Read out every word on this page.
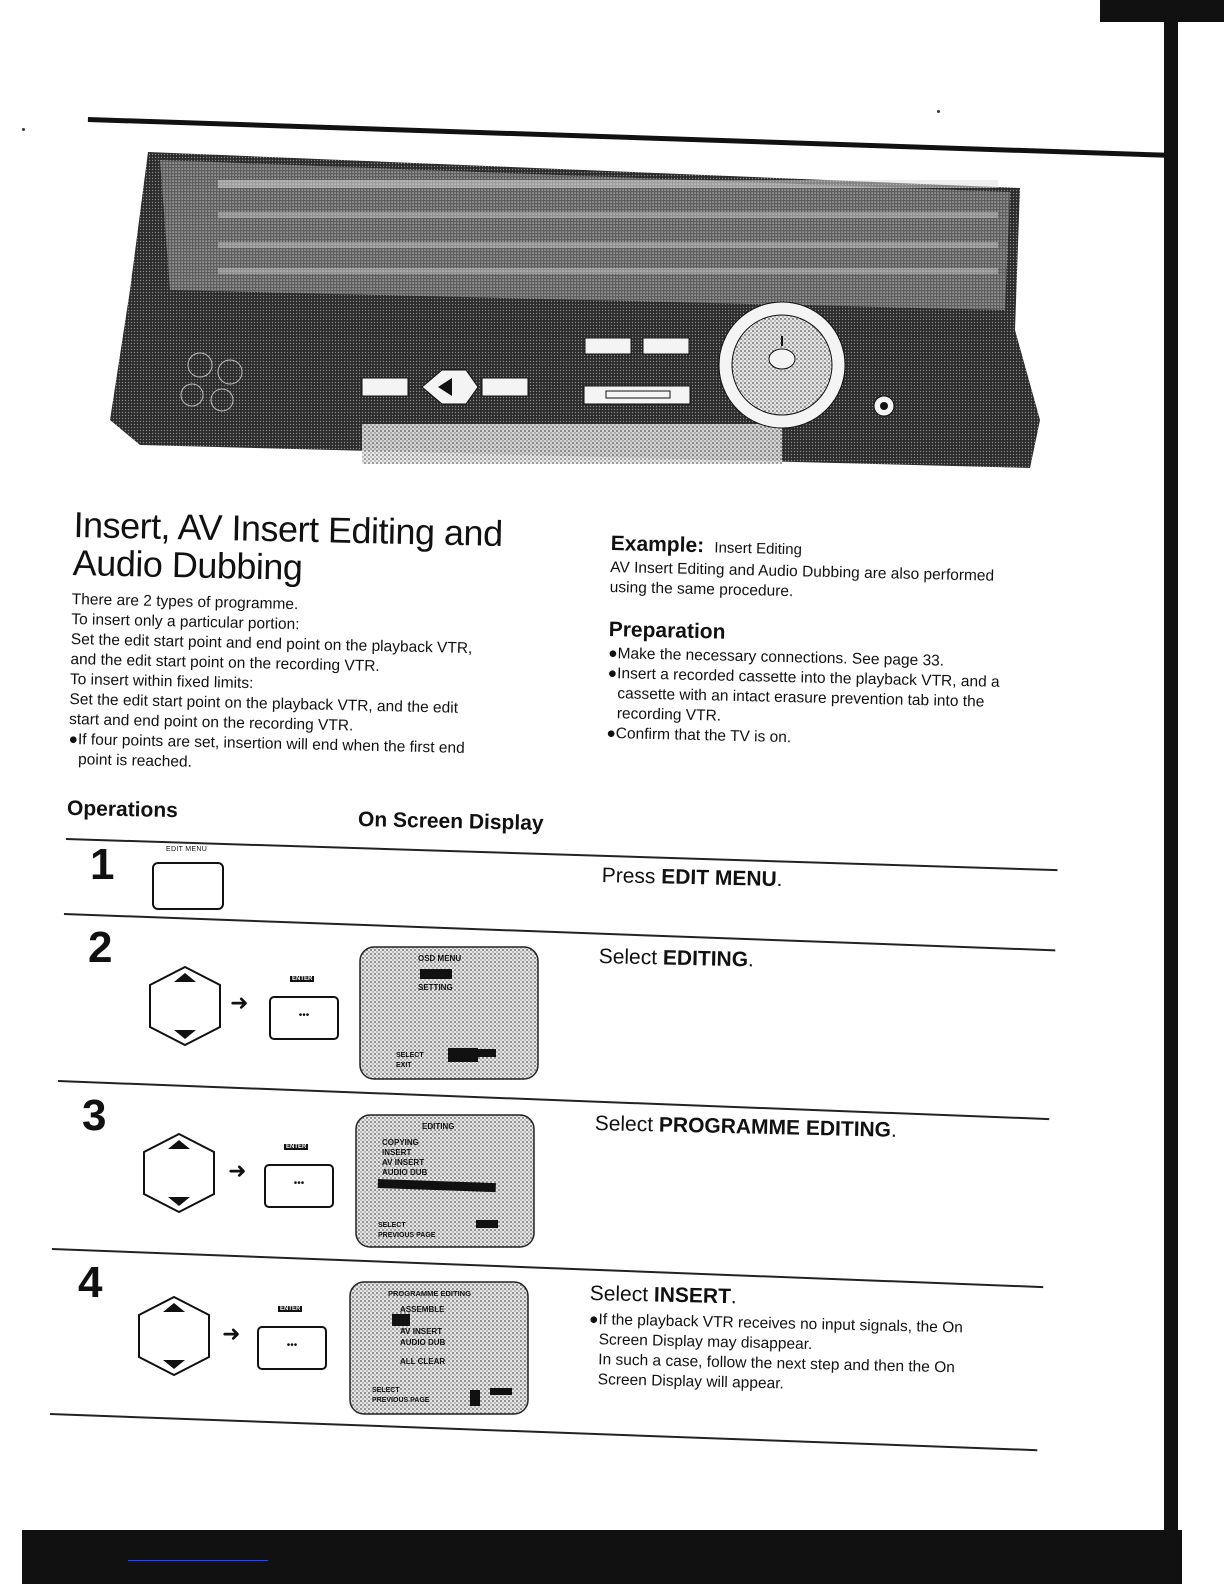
Insert, AV Insert Editing and
Audio Dubbing

There are 2 types of programme.

To insert only a particular portion:

Set the edit start point and end point on the playback VTR,

and the edit start point on the recording VTR.

To insert within fixed limits:

Set the edit start point on the playback VTR, and the edit

start and end point on the recording VTR.

●If four points are set, insertion will end when the first end

point is reached.

Example: Insert Editing

AV Insert Editing and Audio Dubbing are also performed

using the same procedure.

Preparation
●Make the necessary connections. See page 33.
●Insert a recorded cassette into the playback VTR, and a
cassette with an intact erasure prevention tab into the
recording VTR.
●Confirm that the TV is on.
Operations	On Screen Display
1	EDIT MENU
Press EDIT MENU.
2
➜
ENTER
•••
OSD MENU
SETTING
SELECT
EXIT
Select EDITING.
3
➜
ENTER
•••
EDITING
COPYING
INSERT
AV INSERT
AUDIO DUB
SELECT
PREVIOUS PAGE
Select PROGRAMME EDITING.
4
➜
ENTER
•••
PROGRAMME EDITING
ASSEMBLE
AV INSERT
AUDIO DUB
ALL CLEAR
SELECT
PREVIOUS PAGE
Select INSERT.

●If the playback VTR receives no input signals, the On

Screen Display may disappear.

In such a case, follow the next step and then the On

Screen Display will appear.
